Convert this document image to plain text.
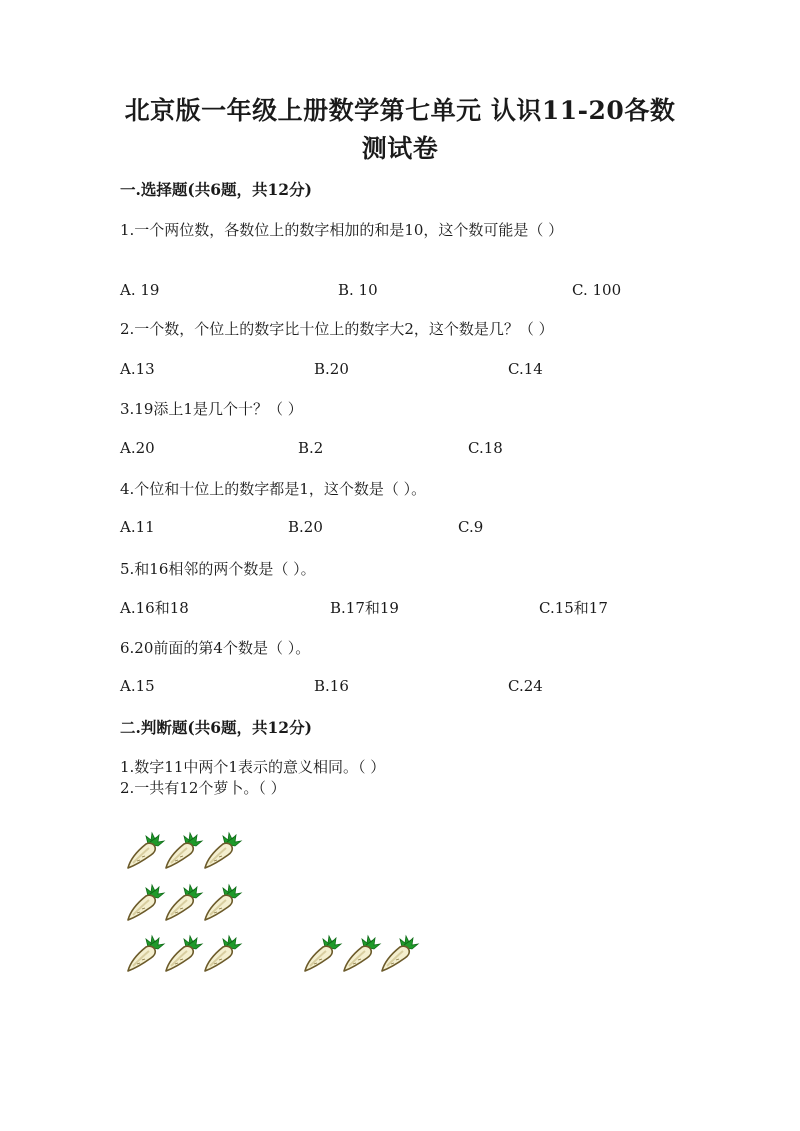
北京版一年级上册数学第七单元 认识11-20各数
测试卷
一.选择题(共6题，共12分)
1.一个两位数，各数位上的数字相加的和是10，这个数可能是（ ）
A. 19	B. 10	C. 100
2.一个数，个位上的数字比十位上的数字大2，这个数是几？（ ）
A.13	B.20	C.14
3.19添上1是几个十？（ ）
A.20	B.2	C.18
4.个位和十位上的数字都是1，这个数是（ ）。
A.11	B.20	C.9
5.和16相邻的两个数是（ ）。
A.16和18	B.17和19	C.15和17
6.20前面的第4个数是（ ）。
A.15	B.16	C.24
二.判断题(共6题，共12分)
1.数字11中两个1表示的意义相同。（ ）
2.一共有12个萝卜。（ ）
